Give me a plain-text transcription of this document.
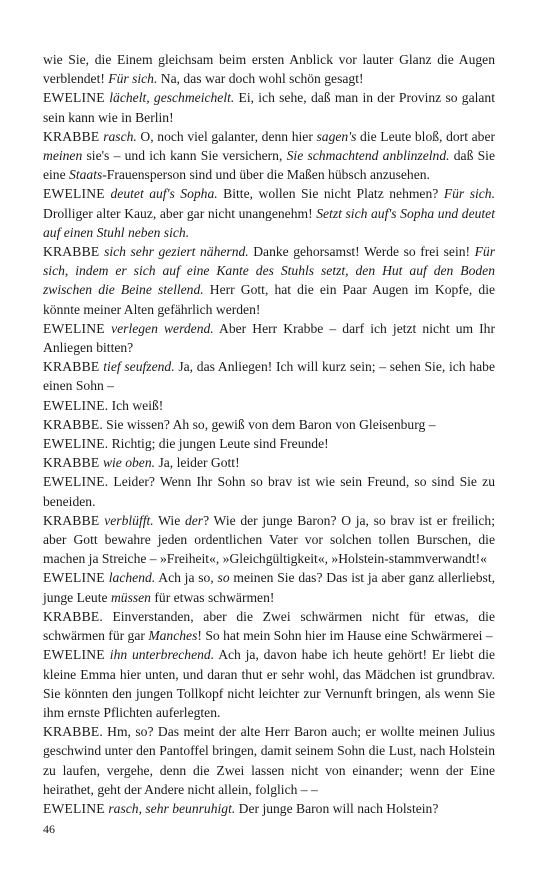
wie Sie, die Einem gleichsam beim ersten Anblick vor lauter Glanz die Augen verblendet! Für sich. Na, das war doch wohl schön gesagt!

EWELINE lächelt, geschmeichelt. Ei, ich sehe, daß man in der Provinz so galant sein kann wie in Berlin!

KRABBE rasch. O, noch viel galanter, denn hier sagen's die Leute bloß, dort aber meinen sie's – und ich kann Sie versichern, Sie schmachtend anblinzelnd. daß Sie eine Staats-Frauensperson sind und über die Maßen hübsch anzusehen.

EWELINE deutet auf's Sopha. Bitte, wollen Sie nicht Platz nehmen? Für sich. Drolliger alter Kauz, aber gar nicht unangenehm! Setzt sich auf's Sopha und deutet auf einen Stuhl neben sich.

KRABBE sich sehr geziert nähernd. Danke gehorsamst! Werde so frei sein! Für sich, indem er sich auf eine Kante des Stuhls setzt, den Hut auf den Boden zwischen die Beine stellend. Herr Gott, hat die ein Paar Augen im Kopfe, die könnte meiner Alten gefährlich werden!

EWELINE verlegen werdend. Aber Herr Krabbe – darf ich jetzt nicht um Ihr Anliegen bitten?

KRABBE tief seufzend. Ja, das Anliegen! Ich will kurz sein; – sehen Sie, ich habe einen Sohn –

EWELINE. Ich weiß!

KRABBE. Sie wissen? Ah so, gewiß von dem Baron von Gleisenburg –

EWELINE. Richtig; die jungen Leute sind Freunde!

KRABBE wie oben. Ja, leider Gott!

EWELINE. Leider? Wenn Ihr Sohn so brav ist wie sein Freund, so sind Sie zu beneiden.

KRABBE verblüfft. Wie der? Wie der junge Baron? O ja, so brav ist er freilich; aber Gott bewahre jeden ordentlichen Vater vor solchen tollen Burschen, die machen ja Streiche – »Freiheit«, »Gleichgültigkeit«, »Holstein-stammverwandt!«

EWELINE lachend. Ach ja so, so meinen Sie das? Das ist ja aber ganz allerliebst, junge Leute müssen für etwas schwärmen!

KRABBE. Einverstanden, aber die Zwei schwärmen nicht für etwas, die schwärmen für gar Manches! So hat mein Sohn hier im Hause eine Schwärmerei –

EWELINE ihn unterbrechend. Ach ja, davon habe ich heute gehört! Er liebt die kleine Emma hier unten, und daran thut er sehr wohl, das Mädchen ist grundbrav. Sie könnten den jungen Tollkopf nicht leichter zur Vernunft bringen, als wenn Sie ihm ernste Pflichten auferlegten.

KRABBE. Hm, so? Das meint der alte Herr Baron auch; er wollte meinen Julius geschwind unter den Pantoffel bringen, damit seinem Sohn die Lust, nach Holstein zu laufen, vergehe, denn die Zwei lassen nicht von einander; wenn der Eine heirathet, geht der Andere nicht allein, folglich – –

EWELINE rasch, sehr beunruhigt. Der junge Baron will nach Holstein?

46
